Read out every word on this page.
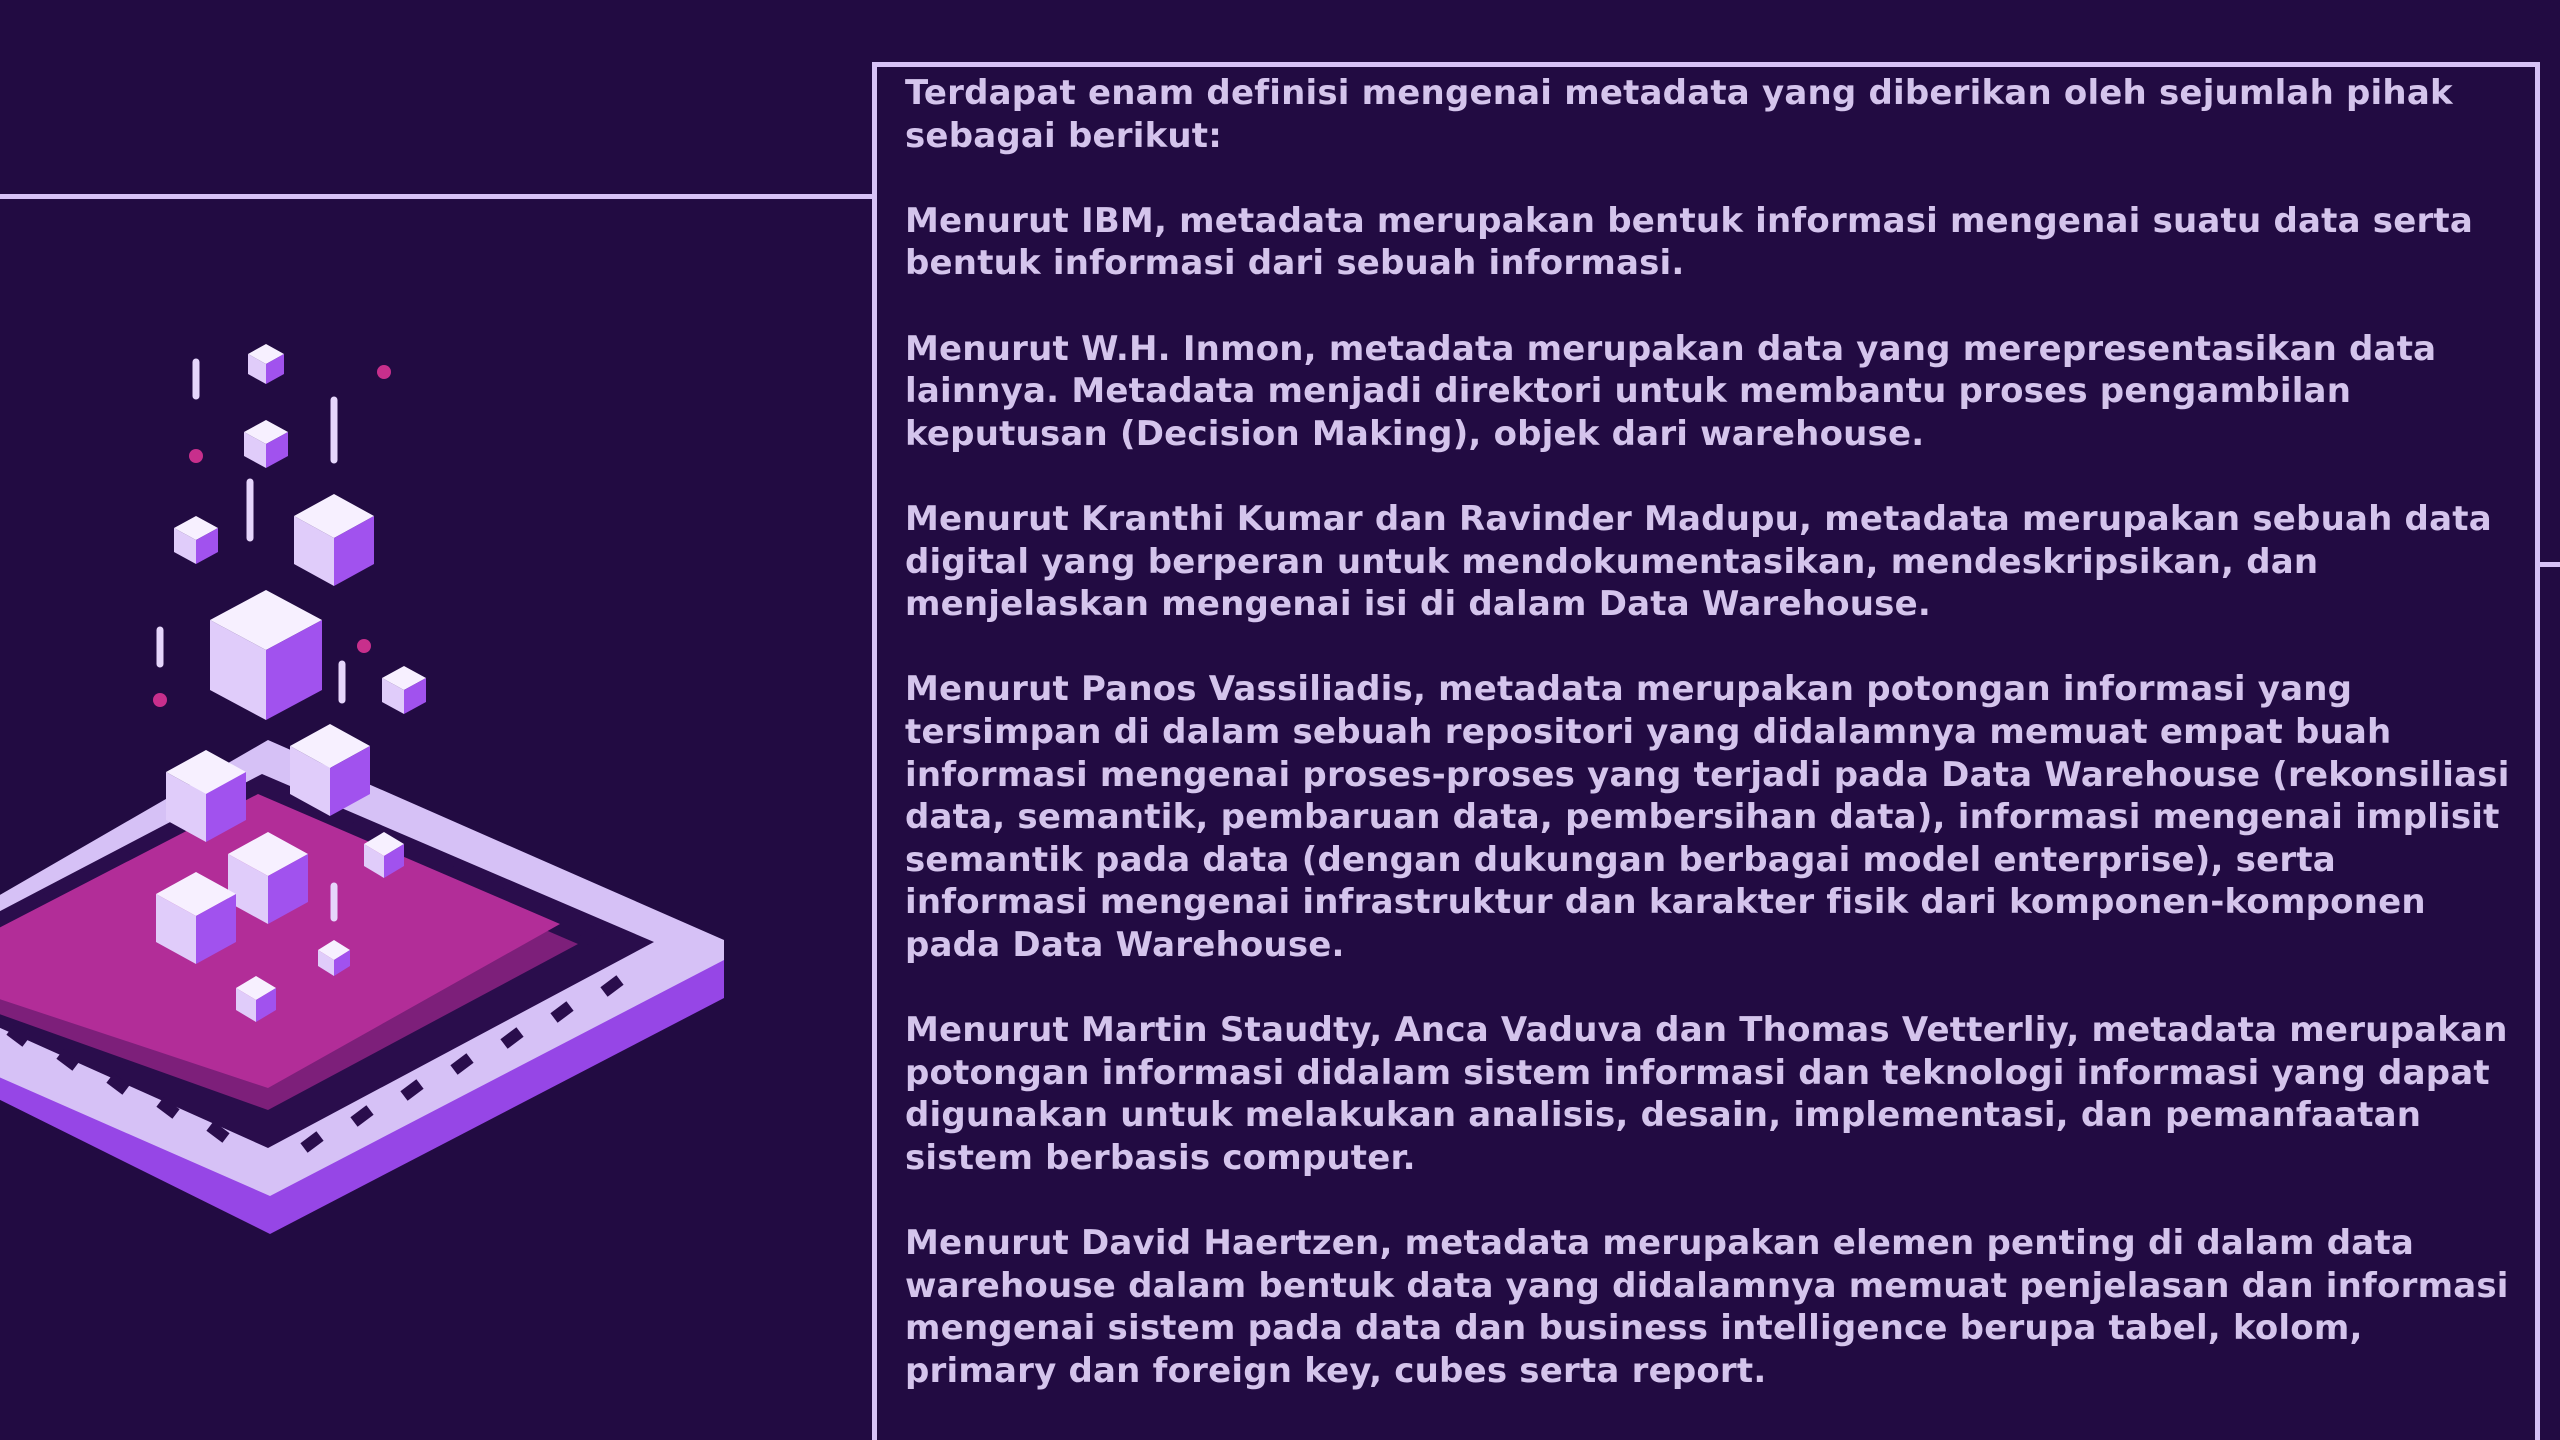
Terdapat enam definisi mengenai metadata yang diberikan oleh sejumlah pihak sebagai berikut:

Menurut IBM, metadata merupakan bentuk informasi mengenai suatu data serta bentuk informasi dari sebuah informasi.

Menurut W.H. Inmon, metadata merupakan data yang merepresentasikan data lainnya. Metadata menjadi direktori untuk membantu proses pengambilan keputusan (Decision Making), objek dari warehouse.

Menurut Kranthi Kumar dan Ravinder Madupu, metadata merupakan sebuah data digital yang berperan untuk mendokumentasikan, mendeskripsikan, dan menjelaskan mengenai isi di dalam Data Warehouse.

Menurut Panos Vassiliadis, metadata merupakan potongan informasi yang tersimpan di dalam sebuah repositori yang didalamnya memuat empat buah informasi mengenai proses-proses yang terjadi pada Data Warehouse (rekonsiliasi data, semantik, pembaruan data, pembersihan data), informasi mengenai implisit semantik pada data (dengan dukungan berbagai model enterprise), serta informasi mengenai infrastruktur dan karakter fisik dari komponen-komponen pada Data Warehouse.

Menurut Martin Staudty, Anca Vaduva dan Thomas Vetterliy, metadata merupakan potongan informasi didalam sistem informasi dan teknologi informasi yang dapat digunakan untuk melakukan analisis, desain, implementasi, dan pemanfaatan sistem berbasis computer.

Menurut David Haertzen, metadata merupakan elemen penting di dalam data warehouse dalam bentuk data yang didalamnya memuat penjelasan dan informasi mengenai sistem pada data dan business intelligence berupa tabel, kolom, primary dan foreign key, cubes serta report.
